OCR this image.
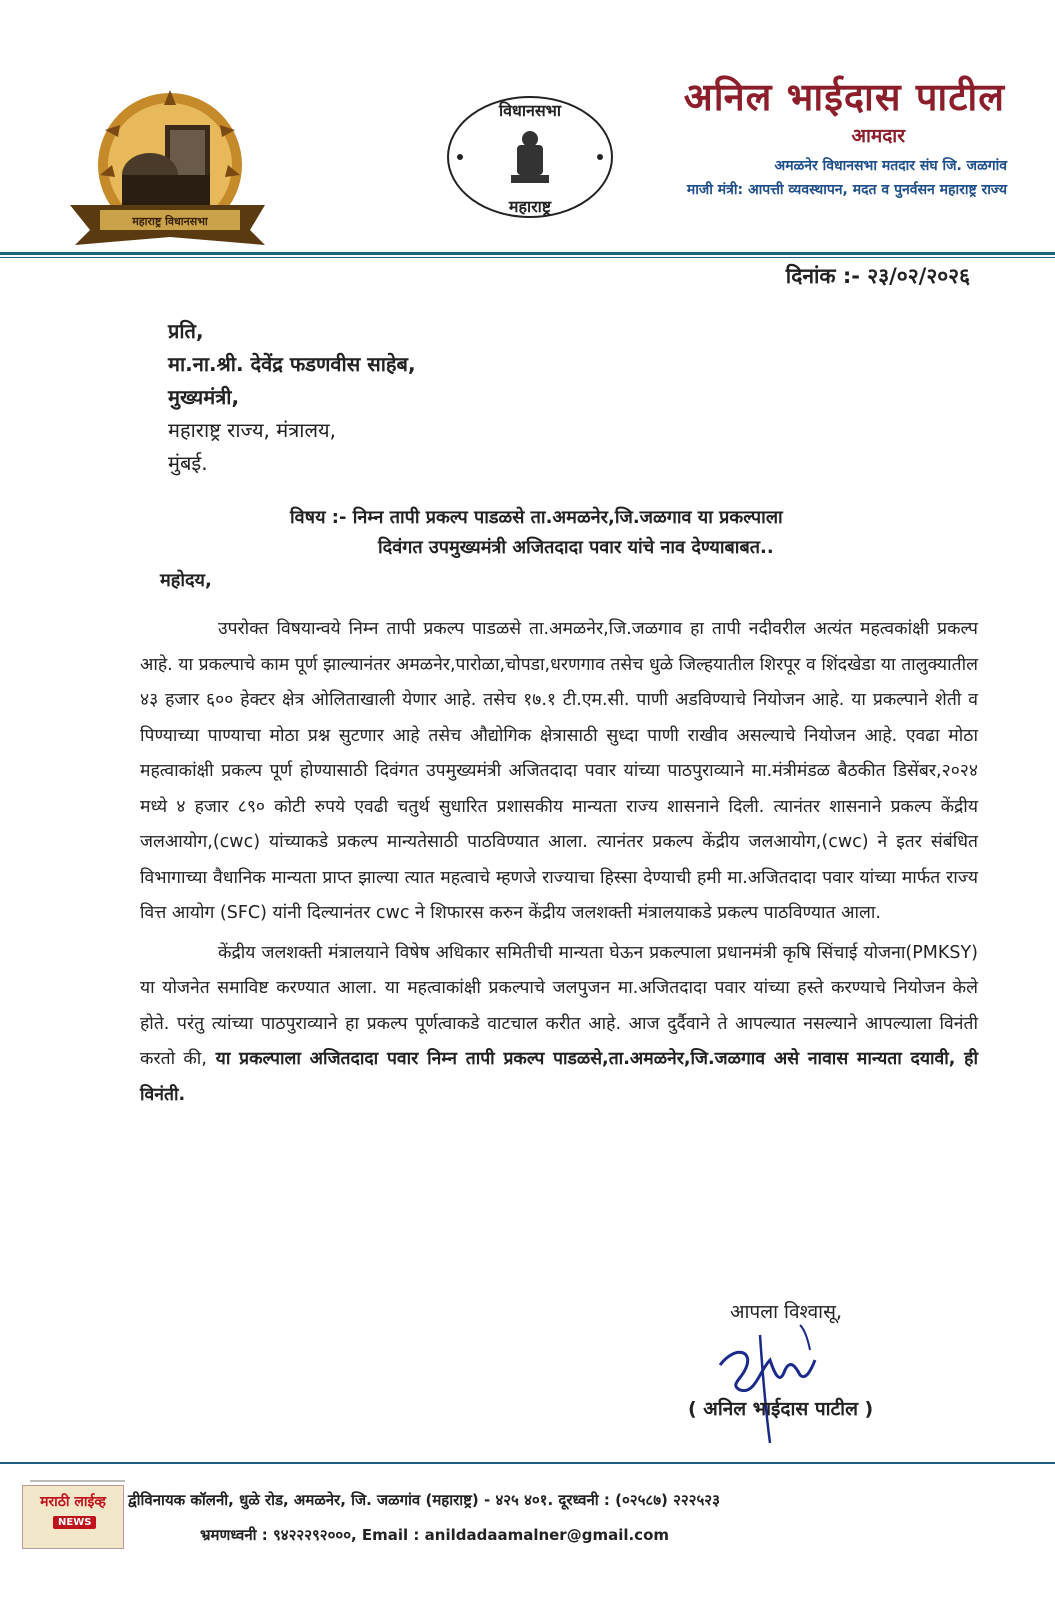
महाराष्ट्र विधानसभा
विधानसभा
महाराष्ट्र
अनिल भाईदास पाटील
आमदार
अमळनेर विधानसभा मतदार संघ जि. जळगांव
माजी मंत्री: आपत्ती व्यवस्थापन, मदत व पुनर्वसन महाराष्ट्र राज्य
दिनांक :- २३/०२/२०२६
प्रति,
मा.ना.श्री. देवेंद्र फडणवीस साहेब,
मुख्यमंत्री,
महाराष्ट्र राज्य, मंत्रालय,
मुंबई.
विषय :- निम्न तापी प्रकल्प पाडळसे ता.अमळनेर,जि.जळगाव या प्रकल्पाला
दिवंगत उपमुख्यमंत्री अजितदादा पवार यांचे नाव देण्याबाबत..
महोदय,

उपरोक्त विषयान्वये निम्न तापी प्रकल्प पाडळसे ता.अमळनेर,जि.जळगाव हा तापी नदीवरील अत्यंत महत्वकांक्षी प्रकल्प आहे. या प्रकल्पाचे काम पूर्ण झाल्यानंतर अमळनेर,पारोळा,चोपडा,धरणगाव तसेच धुळे जिल्हयातील शिरपूर व शिंदखेडा या तालुक्यातील ४३ हजार ६०० हेक्टर क्षेत्र ओलिताखाली येणार आहे. तसेच १७.१ टी.एम.सी. पाणी अडविण्याचे नियोजन आहे. या प्रकल्पाने शेती व पिण्याच्या पाण्याचा मोठा प्रश्न सुटणार आहे तसेच औद्योगिक क्षेत्रासाठी सुध्दा पाणी राखीव असल्याचे नियोजन आहे. एवढा मोठा महत्वाकांक्षी प्रकल्प पूर्ण होण्यासाठी दिवंगत उपमुख्यमंत्री अजितदादा पवार यांच्या पाठपुराव्याने मा.मंत्रीमंडळ बैठकीत डिसेंबर,२०२४ मध्ये ४ हजार ८९० कोटी रुपये एवढी चतुर्थ सुधारित प्रशासकीय मान्यता राज्य शासनाने दिली. त्यानंतर शासनाने प्रकल्प केंद्रीय जलआयोग,(cwc) यांच्याकडे प्रकल्प मान्यतेसाठी पाठविण्यात आला. त्यानंतर प्रकल्प केंद्रीय जलआयोग,(cwc) ने इतर संबंधित विभागाच्या वैधानिक मान्यता प्राप्त झाल्या त्यात महत्वाचे म्हणजे राज्याचा हिस्सा देण्याची हमी मा.अजितदादा पवार यांच्या मार्फत राज्य वित्त आयोग (SFC) यांनी दिल्यानंतर cwc ने शिफारस करुन केंद्रीय जलशक्ती मंत्रालयाकडे प्रकल्प पाठविण्यात आला.

केंद्रीय जलशक्ती मंत्रालयाने विषेष अधिकार समितीची मान्यता घेऊन प्रकल्पाला प्रधानमंत्री कृषि सिंचाई योजना(PMKSY) या योजनेत समाविष्ट करण्यात आला. या महत्वाकांक्षी प्रकल्पाचे जलपुजन मा.अजितदादा पवार यांच्या हस्ते करण्याचे नियोजन केले होते. परंतु त्यांच्या पाठपुराव्याने हा प्रकल्प पूर्णत्वाकडे वाटचाल करीत आहे. आज दुर्दैवाने ते आपल्यात नसल्याने आपल्याला विनंती करतो की, या प्रकल्पाला अजितदादा पवार निम्न तापी प्रकल्प पाडळसे,ता.अमळनेर,जि.जळगाव असे नावास मान्यता दयावी, ही विनंती.

आपला विश्वासू,
( अनिल भाईदास पाटील )
द्वीविनायक कॉलनी, धुळे रोड, अमळनेर, जि. जळगांव (महाराष्ट्र) - ४२५ ४०१. दूरध्वनी : (०२५८७) २२२५२३
भ्रमणध्वनी : ९४२२२९२०००, Email : anildadaamalner@gmail.com
मराठी लाईव्ह
NEWS
